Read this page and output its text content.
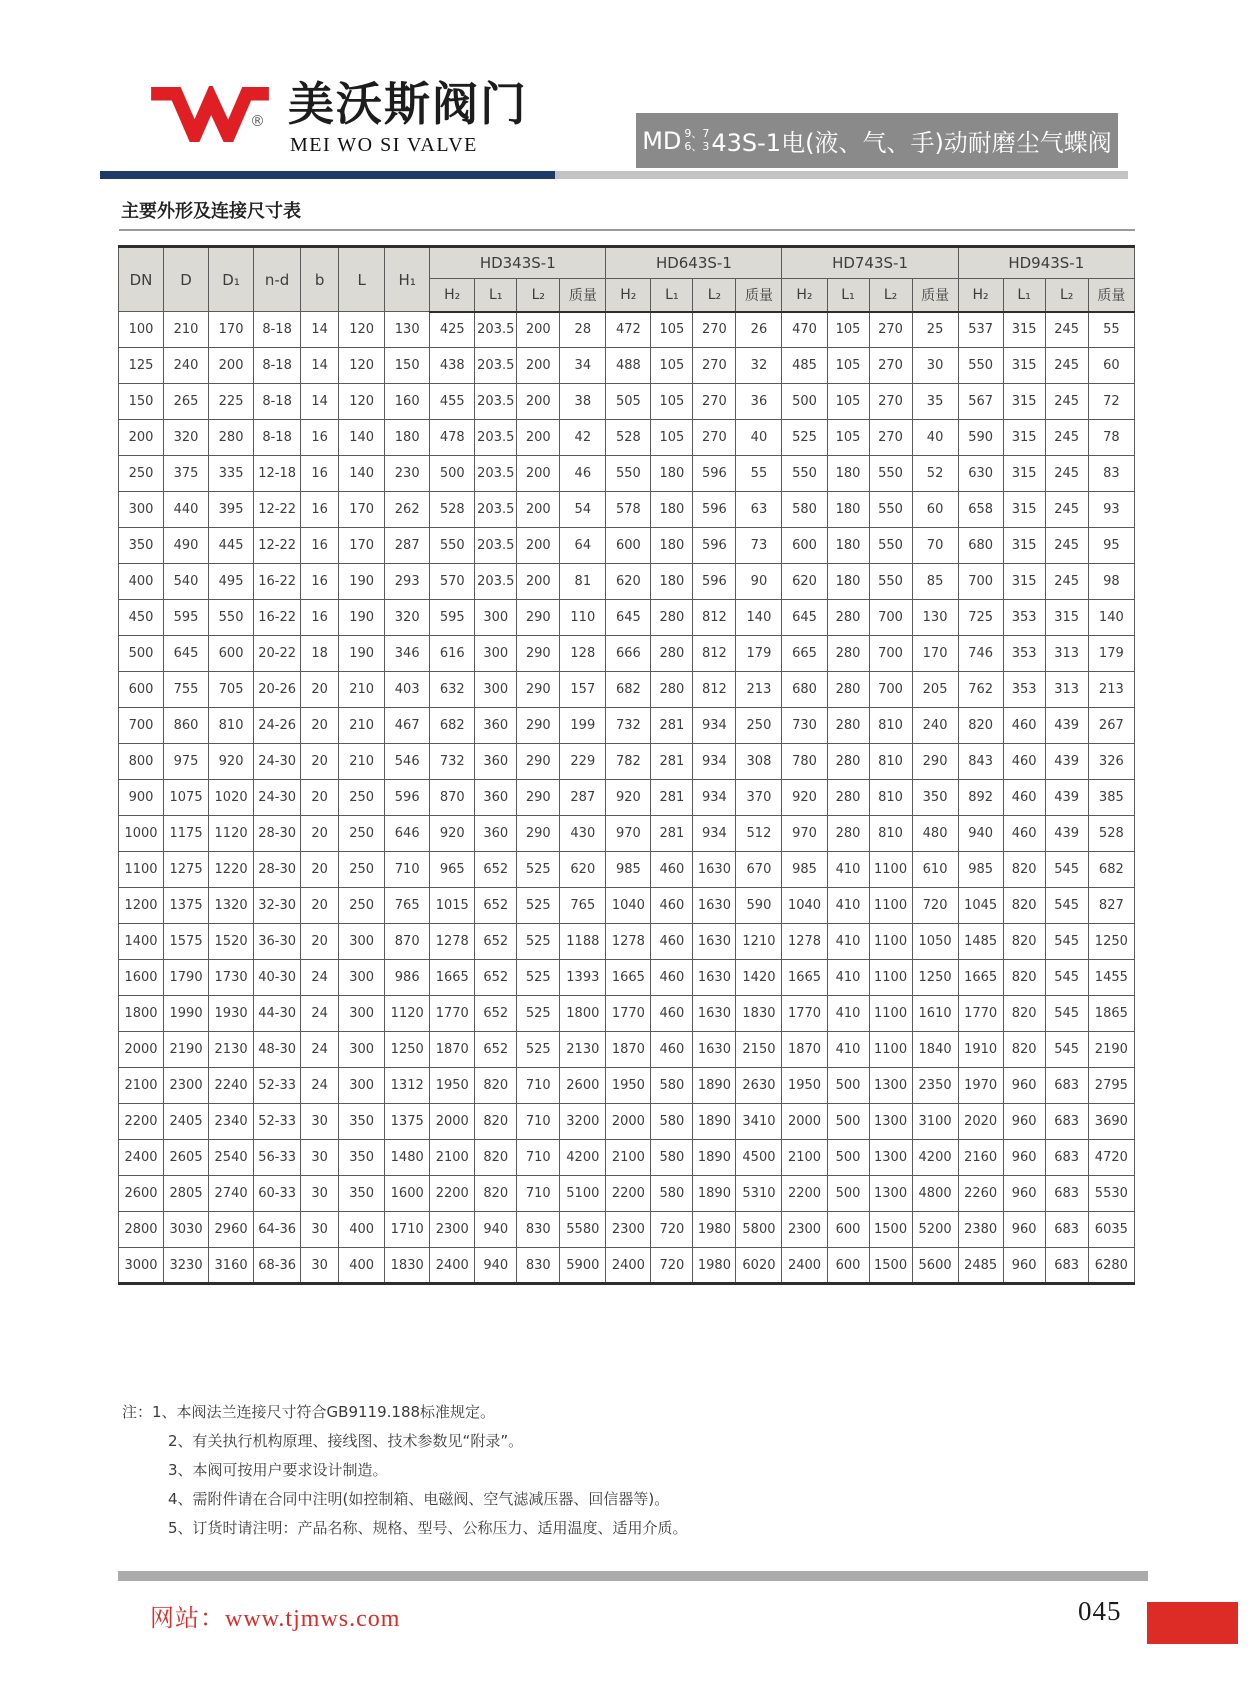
® 美沃斯阀门
MEI WO SI VALVE	MD 9、7
6、3 43S-1电(液、气、手)动耐磨尘气蝶阀
主要外形及连接尺寸表
DN	D	D₁	n-d	b	L	H₁	HD343S-1				HD643S-1				HD743S-1				HD943S-1			
							H₂	L₁	L₂	质量	H₂	L₁	L₂	质量	H₂	L₁	L₂	质量	H₂	L₁	L₂	质量
100	210	170	8-18	14	120	130	425	203.5	200	28	472	105	270	26	470	105	270	25	537	315	245	55
125	240	200	8-18	14	120	150	438	203.5	200	34	488	105	270	32	485	105	270	30	550	315	245	60
150	265	225	8-18	14	120	160	455	203.5	200	38	505	105	270	36	500	105	270	35	567	315	245	72
200	320	280	8-18	16	140	180	478	203.5	200	42	528	105	270	40	525	105	270	40	590	315	245	78
250	375	335	12-18	16	140	230	500	203.5	200	46	550	180	596	55	550	180	550	52	630	315	245	83
300	440	395	12-22	16	170	262	528	203.5	200	54	578	180	596	63	580	180	550	60	658	315	245	93
350	490	445	12-22	16	170	287	550	203.5	200	64	600	180	596	73	600	180	550	70	680	315	245	95
400	540	495	16-22	16	190	293	570	203.5	200	81	620	180	596	90	620	180	550	85	700	315	245	98
450	595	550	16-22	16	190	320	595	300	290	110	645	280	812	140	645	280	700	130	725	353	315	140
500	645	600	20-22	18	190	346	616	300	290	128	666	280	812	179	665	280	700	170	746	353	313	179
600	755	705	20-26	20	210	403	632	300	290	157	682	280	812	213	680	280	700	205	762	353	313	213
700	860	810	24-26	20	210	467	682	360	290	199	732	281	934	250	730	280	810	240	820	460	439	267
800	975	920	24-30	20	210	546	732	360	290	229	782	281	934	308	780	280	810	290	843	460	439	326
900	1075	1020	24-30	20	250	596	870	360	290	287	920	281	934	370	920	280	810	350	892	460	439	385
1000	1175	1120	28-30	20	250	646	920	360	290	430	970	281	934	512	970	280	810	480	940	460	439	528
1100	1275	1220	28-30	20	250	710	965	652	525	620	985	460	1630	670	985	410	1100	610	985	820	545	682
1200	1375	1320	32-30	20	250	765	1015	652	525	765	1040	460	1630	590	1040	410	1100	720	1045	820	545	827
1400	1575	1520	36-30	20	300	870	1278	652	525	1188	1278	460	1630	1210	1278	410	1100	1050	1485	820	545	1250
1600	1790	1730	40-30	24	300	986	1665	652	525	1393	1665	460	1630	1420	1665	410	1100	1250	1665	820	545	1455
1800	1990	1930	44-30	24	300	1120	1770	652	525	1800	1770	460	1630	1830	1770	410	1100	1610	1770	820	545	1865
2000	2190	2130	48-30	24	300	1250	1870	652	525	2130	1870	460	1630	2150	1870	410	1100	1840	1910	820	545	2190
2100	2300	2240	52-33	24	300	1312	1950	820	710	2600	1950	580	1890	2630	1950	500	1300	2350	1970	960	683	2795
2200	2405	2340	52-33	30	350	1375	2000	820	710	3200	2000	580	1890	3410	2000	500	1300	3100	2020	960	683	3690
2400	2605	2540	56-33	30	350	1480	2100	820	710	4200	2100	580	1890	4500	2100	500	1300	4200	2160	960	683	4720
2600	2805	2740	60-33	30	350	1600	2200	820	710	5100	2200	580	1890	5310	2200	500	1300	4800	2260	960	683	5530
2800	3030	2960	64-36	30	400	1710	2300	940	830	5580	2300	720	1980	5800	2300	600	1500	5200	2380	960	683	6035
3000	3230	3160	68-36	30	400	1830	2400	940	830	5900	2400	720	1980	6020	2400	600	1500	5600	2485	960	683	6280
注：1、本阀法兰连接尺寸符合GB9119.188标准规定。
2、有关执行机构原理、接线图、技术参数见“附录”。
3、本阀可按用户要求设计制造。
4、需附件请在合同中注明(如控制箱、电磁阀、空气滤减压器、回信器等)。
5、订货时请注明：产品名称、规格、型号、公称压力、适用温度、适用介质。
网站：www.tjmws.com	045
